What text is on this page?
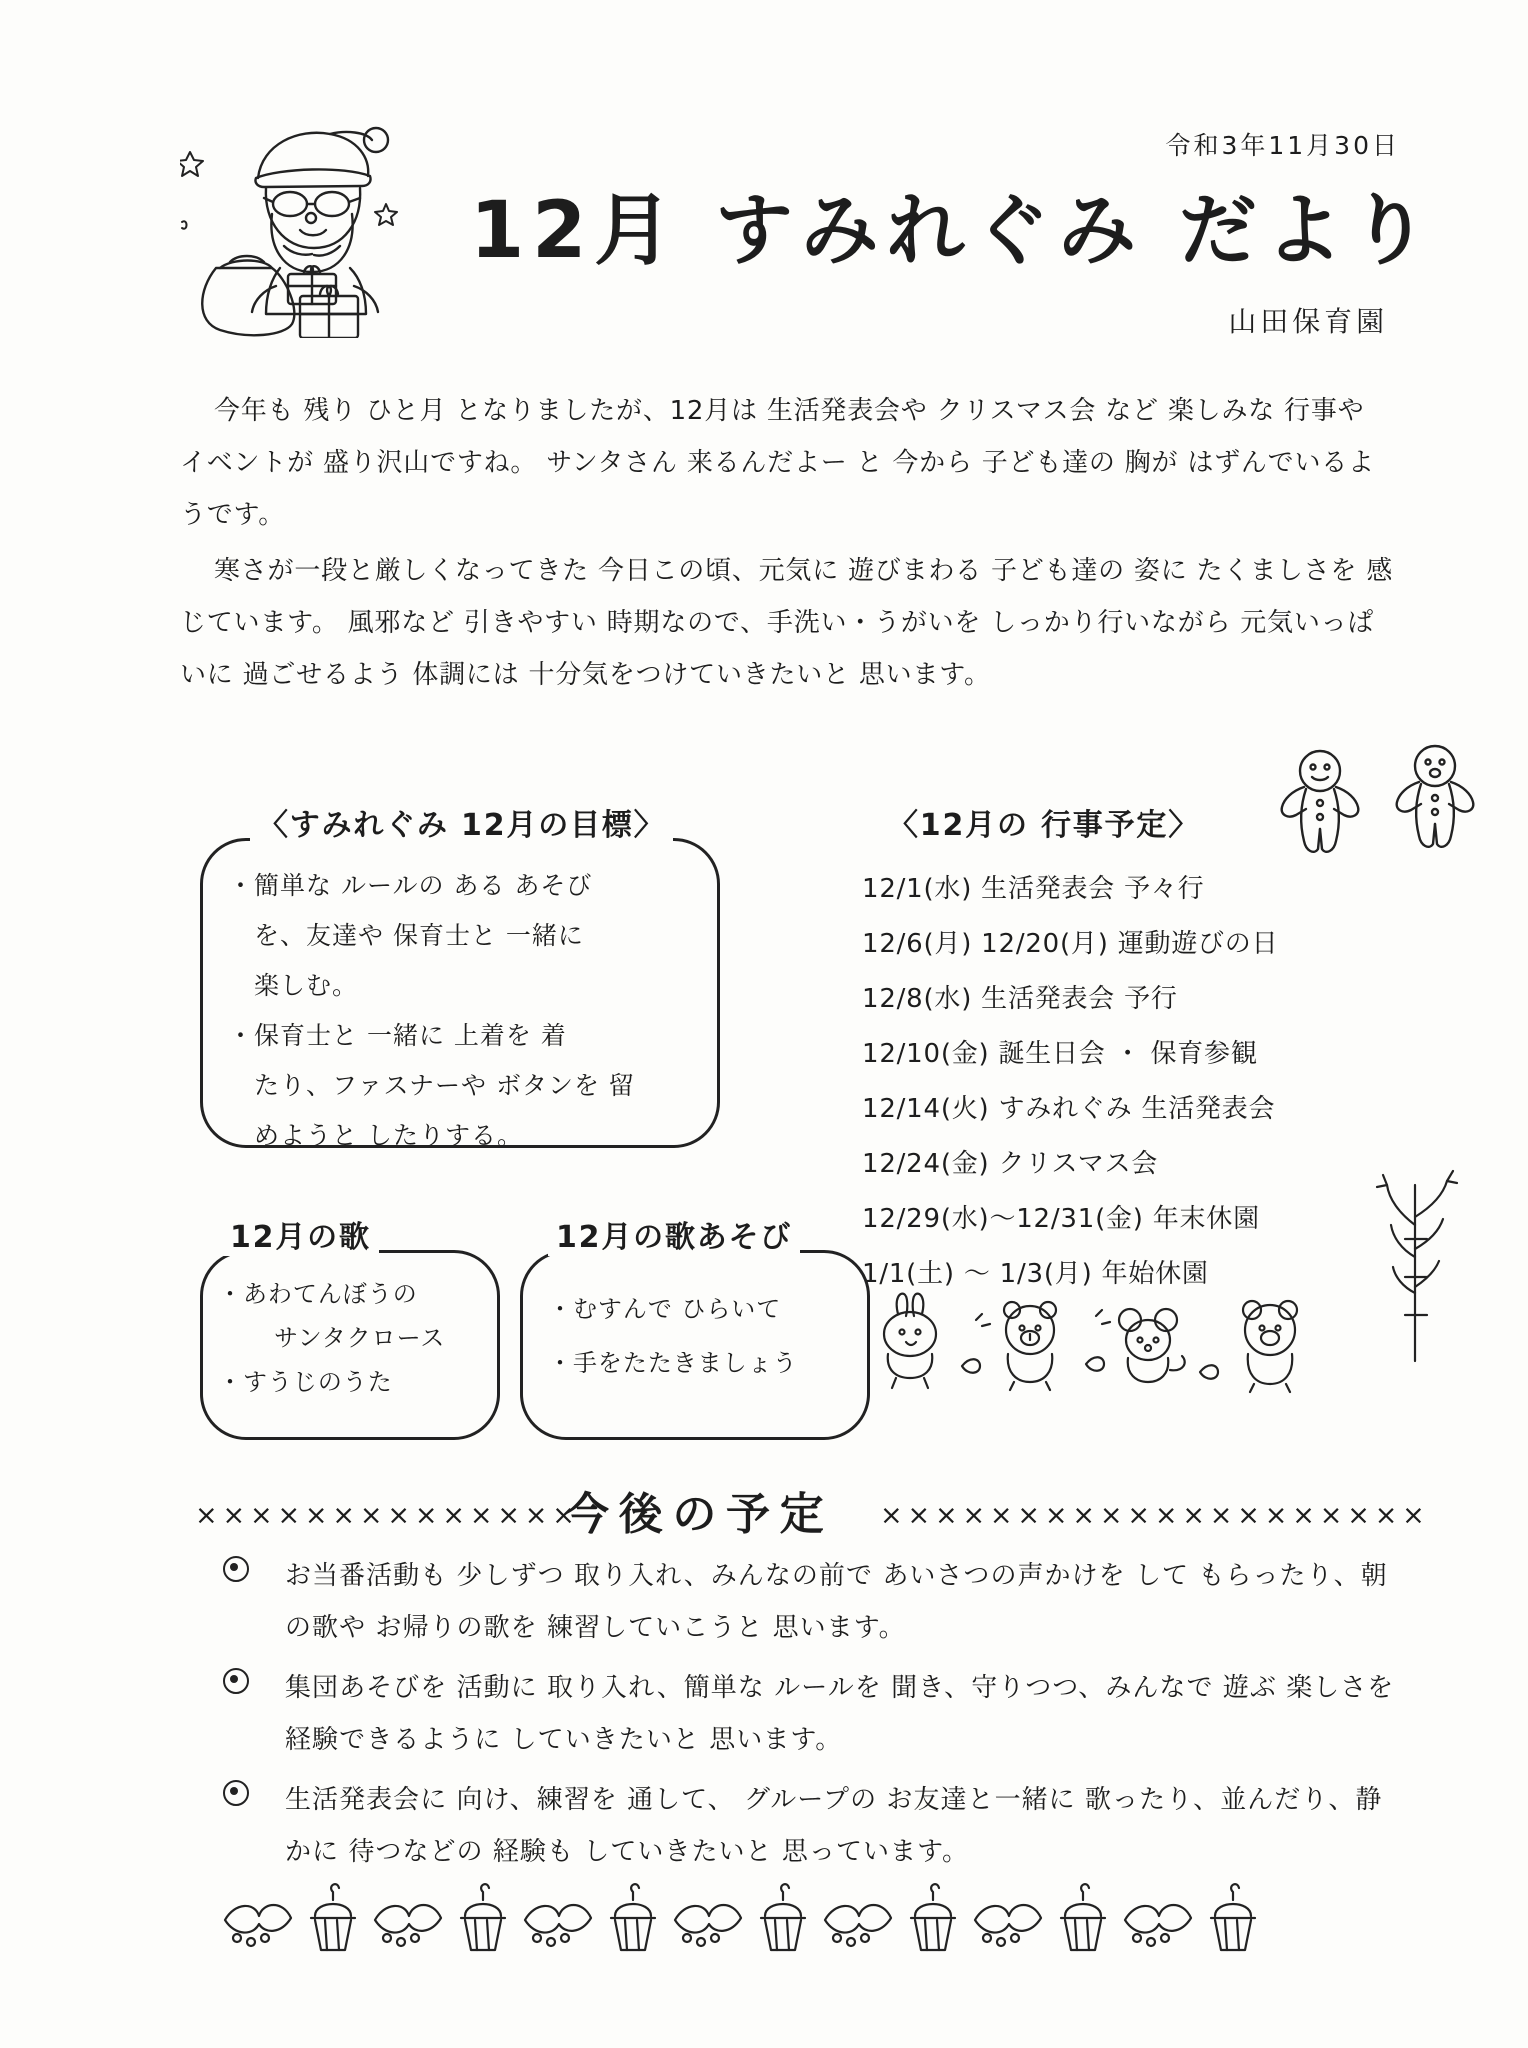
令和3年11月30日
12月 すみれぐみ だより
山田保育園

今年も 残り ひと月 となりましたが、12月は 生活発表会や クリスマス会 など 楽しみな 行事や イベントが 盛り沢山ですね。 サンタさん 来るんだよー と 今から 子ども達の 胸が はずんでいるようです。

寒さが一段と厳しくなってきた 今日この頃、元気に 遊びまわる 子ども達の 姿に たくましさを 感じています。 風邪など 引きやすい 時期なので、手洗い・うがいを しっかり行いながら 元気いっぱいに 過ごせるよう 体調には 十分気をつけていきたいと 思います。

〈すみれぐみ 12月の目標〉
・簡単な ルールの ある あそび
　を、友達や 保育士と 一緒に
　楽しむ。
・保育士と 一緒に 上着を 着
　たり、ファスナーや ボタンを 留
　めようと したりする。
〈12月の 行事予定〉
12/1(水) 生活発表会 予々行
12/6(月) 12/20(月) 運動遊びの日
12/8(水) 生活発表会 予行
12/10(金) 誕生日会 ・ 保育参観
12/14(火) すみれぐみ 生活発表会
12/24(金) クリスマス会
12/29(水)〜12/31(金) 年末休園
1/1(土) 〜 1/3(月) 年始休園
12月の歌
・あわてんぼうの
サンタクロース
・すうじのうた
12月の歌あそび
・むすんで ひらいて
・手をたたきましょう
××××××××××××××
今後の予定 ××××××××××××××××××××
お当番活動も 少しずつ 取り入れ、みんなの前で あいさつの声かけを して もらったり、朝の歌や お帰りの歌を 練習していこうと 思います。
集団あそびを 活動に 取り入れ、簡単な ルールを 聞き、守りつつ、みんなで 遊ぶ 楽しさを 経験できるように していきたいと 思います。
生活発表会に 向け、練習を 通して、 グループの お友達と一緒に 歌ったり、並んだり、静かに 待つなどの 経験も していきたいと 思っています。
